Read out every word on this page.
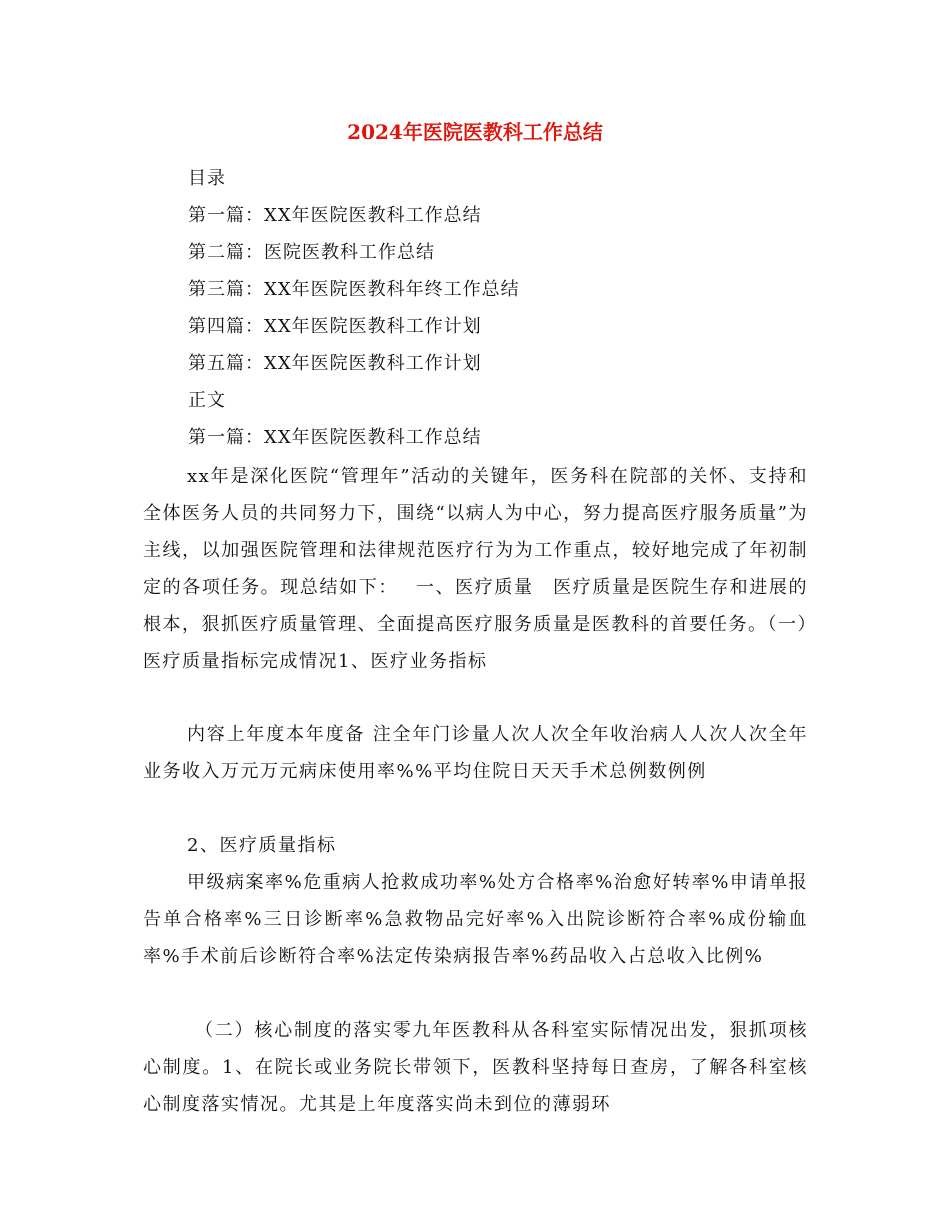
2024年医院医教科工作总结
目录
第一篇：XX年医院医教科工作总结
第二篇：医院医教科工作总结
第三篇：XX年医院医教科年终工作总结
第四篇：XX年医院医教科工作计划
第五篇：XX年医院医教科工作计划
正文
第一篇：XX年医院医教科工作总结

xx年是深化医院“管理年”活动的关键年，医务科在院部的关怀、支持和全体医务人员的共同努力下，围绕“以病人为中心，努力提高医疗服务质量”为主线，以加强医院管理和法律规范医疗行为为工作重点，较好地完成了年初制定的各项任务。现总结如下：　 一、医疗质量　医疗质量是医院生存和进展的根本，狠抓医疗质量管理、全面提高医疗服务质量是医教科的首要任务。（一）医疗质量指标完成情况1、医疗业务指标

内容上年度本年度备 注全年门诊量人次人次全年收治病人人次人次全年业务收入万元万元病床使用率%%平均住院日天天手术总例数例例

2、医疗质量指标

甲级病案率%危重病人抢救成功率%处方合格率%治愈好转率%申请单报告单合格率%三日诊断率%急救物品完好率%入出院诊断符合率%成份输血率%手术前后诊断符合率%法定传染病报告率%药品收入占总收入比例%

（二）核心制度的落实零九年医教科从各科室实际情况出发，狠抓项核心制度。1、在院长或业务院长带领下，医教科坚持每日查房，了解各科室核心制度落实情况。尤其是上年度落实尚未到位的薄弱环
